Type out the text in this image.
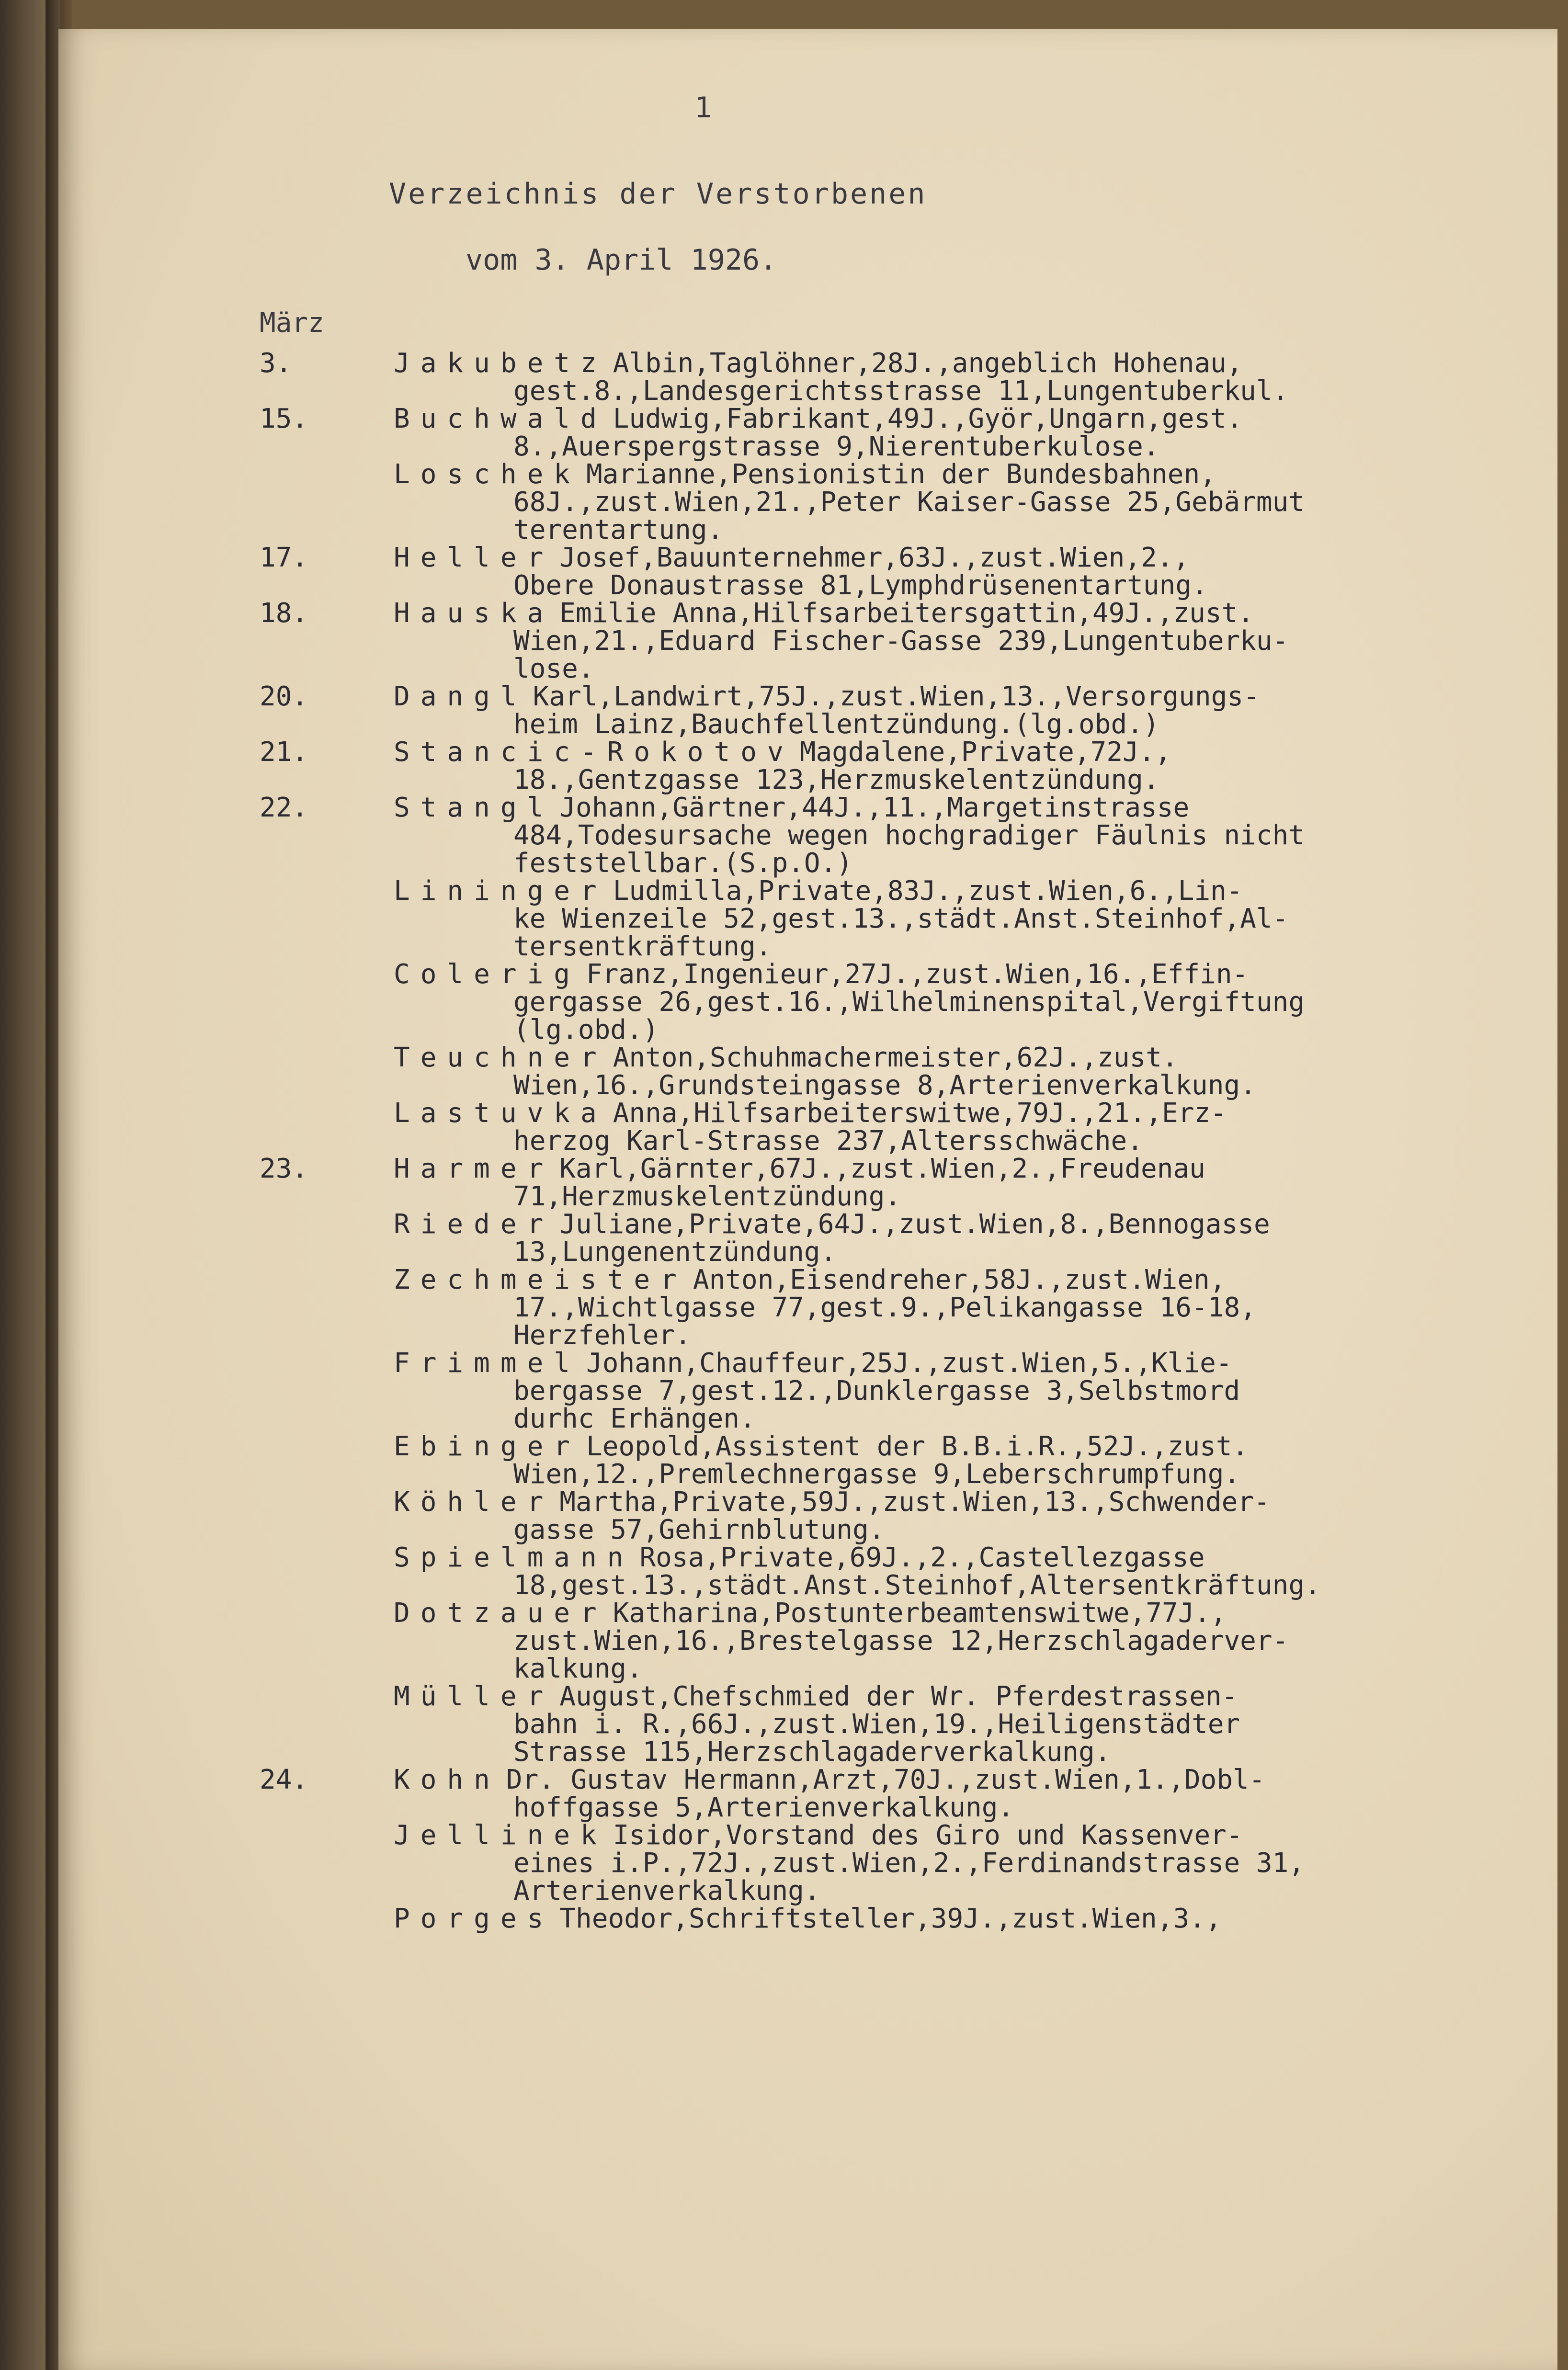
1
Verzeichnis der Verstorbenen
vom 3. April 1926.
März
3.	Jakubetz Albin,Taglöhner,28J.,angeblich Hohenau,
gest.8.,Landesgerichtsstrasse 11,Lungentuberkul.
15.	Buchwald Ludwig,Fabrikant,49J.,Györ,Ungarn,gest.
8.,Auerspergstrasse 9,Nierentuberkulose.
Loschek Marianne,Pensionistin der Bundesbahnen,
68J.,zust.Wien,21.,Peter Kaiser-Gasse 25,Gebärmut
terentartung.
17.	Heller Josef,Bauunternehmer,63J.,zust.Wien,2.,
Obere Donaustrasse 81,Lymphdrüsenentartung.
18.	Hauska Emilie Anna,Hilfsarbeitersgattin,49J.,zust.
Wien,21.,Eduard Fischer-Gasse 239,Lungentuberku-
lose.
20.	Dangl Karl,Landwirt,75J.,zust.Wien,13.,Versorgungs-
heim Lainz,Bauchfellentzündung.(lg.obd.)
21.	Stancic-Rokotov Magdalene,Private,72J.,
18.,Gentzgasse 123,Herzmuskelentzündung.
22.	Stangl Johann,Gärtner,44J.,11.,Margetinstrasse
484,Todesursache wegen hochgradiger Fäulnis nicht
feststellbar.(S.p.O.)
Lininger Ludmilla,Private,83J.,zust.Wien,6.,Lin-
ke Wienzeile 52,gest.13.,städt.Anst.Steinhof,Al-
tersentkräftung.
Colerig Franz,Ingenieur,27J.,zust.Wien,16.,Effin-
gergasse 26,gest.16.,Wilhelminenspital,Vergiftung
(lg.obd.)
Teuchner Anton,Schuhmachermeister,62J.,zust.
Wien,16.,Grundsteingasse 8,Arterienverkalkung.
Lastuvka Anna,Hilfsarbeiterswitwe,79J.,21.,Erz-
herzog Karl-Strasse 237,Altersschwäche.
23.	Harmer Karl,Gärnter,67J.,zust.Wien,2.,Freudenau
71,Herzmuskelentzündung.
Rieder Juliane,Private,64J.,zust.Wien,8.,Bennogasse
13,Lungenentzündung.
Zechmeister Anton,Eisendreher,58J.,zust.Wien,
17.,Wichtlgasse 77,gest.9.,Pelikangasse 16-18,
Herzfehler.
Frimmel Johann,Chauffeur,25J.,zust.Wien,5.,Klie-
bergasse 7,gest.12.,Dunklergasse 3,Selbstmord
durhc Erhängen.
Ebinger Leopold,Assistent der B.B.i.R.,52J.,zust.
Wien,12.,Premlechnergasse 9,Leberschrumpfung.
Köhler Martha,Private,59J.,zust.Wien,13.,Schwender-
gasse 57,Gehirnblutung.
Spielmann Rosa,Private,69J.,2.,Castellezgasse
18,gest.13.,städt.Anst.Steinhof,Altersentkräftung.
Dotzauer Katharina,Postunterbeamtenswitwe,77J.,
zust.Wien,16.,Brestelgasse 12,Herzschlagaderver-
kalkung.
Müller August,Chefschmied der Wr. Pferdestrassen-
bahn i. R.,66J.,zust.Wien,19.,Heiligenstädter
Strasse 115,Herzschlagaderverkalkung.
24.	Kohn Dr. Gustav Hermann,Arzt,70J.,zust.Wien,1.,Dobl-
hoffgasse 5,Arterienverkalkung.
Jellinek Isidor,Vorstand des Giro und Kassenver-
eines i.P.,72J.,zust.Wien,2.,Ferdinandstrasse 31,
Arterienverkalkung.
Porges Theodor,Schriftsteller,39J.,zust.Wien,3.,
